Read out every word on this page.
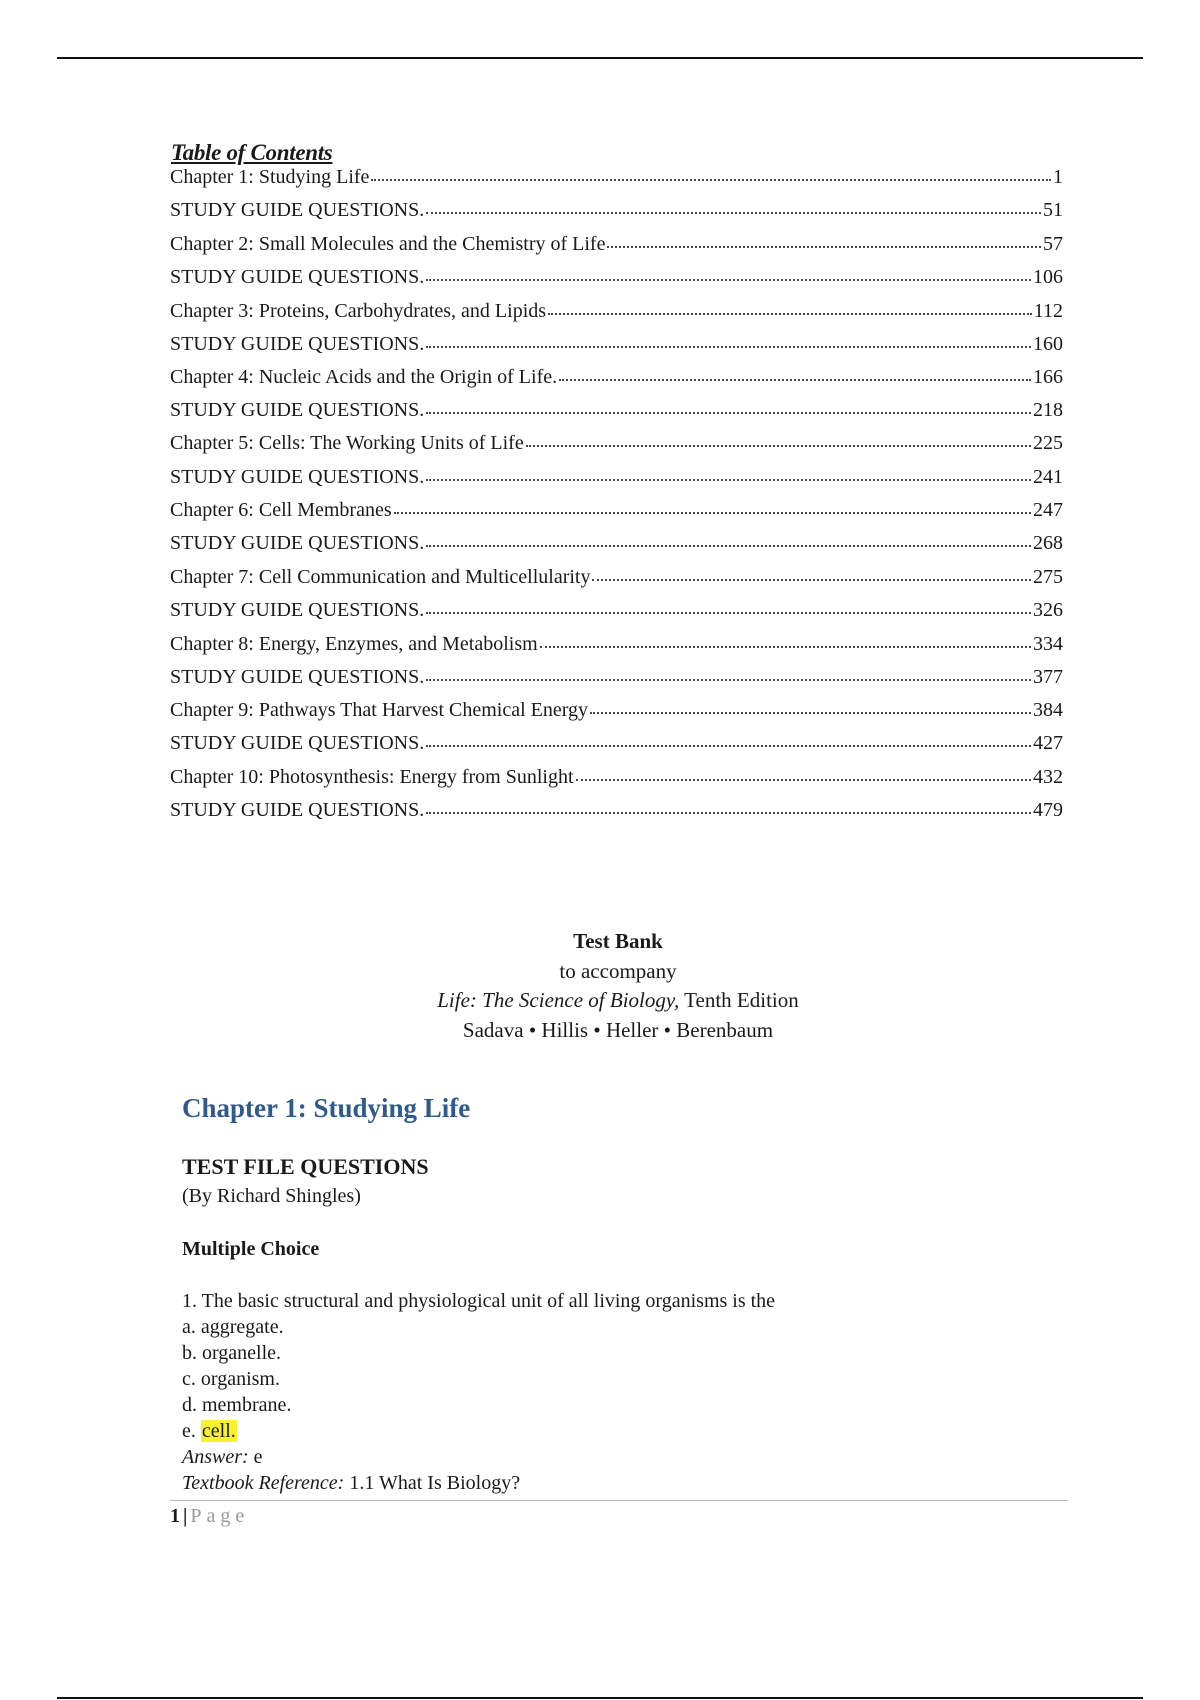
Table of Contents
Chapter 1: Studying Life	1
STUDY GUIDE QUESTIONS.	51
Chapter 2: Small Molecules and the Chemistry of Life	57
STUDY GUIDE QUESTIONS.	106
Chapter 3: Proteins, Carbohydrates, and Lipids	112
STUDY GUIDE QUESTIONS.	160
Chapter 4: Nucleic Acids and the Origin of Life.	166
STUDY GUIDE QUESTIONS.	218
Chapter 5: Cells: The Working Units of Life	225
STUDY GUIDE QUESTIONS.	241
Chapter 6: Cell Membranes	247
STUDY GUIDE QUESTIONS.	268
Chapter 7: Cell Communication and Multicellularity	275
STUDY GUIDE QUESTIONS.	326
Chapter 8: Energy, Enzymes, and Metabolism	334
STUDY GUIDE QUESTIONS.	377
Chapter 9: Pathways That Harvest Chemical Energy	384
STUDY GUIDE QUESTIONS.	427
Chapter 10: Photosynthesis: Energy from Sunlight	432
STUDY GUIDE QUESTIONS.	479
Test Bank
to accompany
Life: The Science of Biology, Tenth Edition
Sadava • Hillis • Heller • Berenbaum
Chapter 1: Studying Life
TEST FILE QUESTIONS
(By Richard Shingles)
Multiple Choice
1. The basic structural and physiological unit of all living organisms is the
a. aggregate.
b. organelle.
c. organism.
d. membrane.
e. cell.
Answer: e
Textbook Reference: 1.1 What Is Biology?
1 | Page
